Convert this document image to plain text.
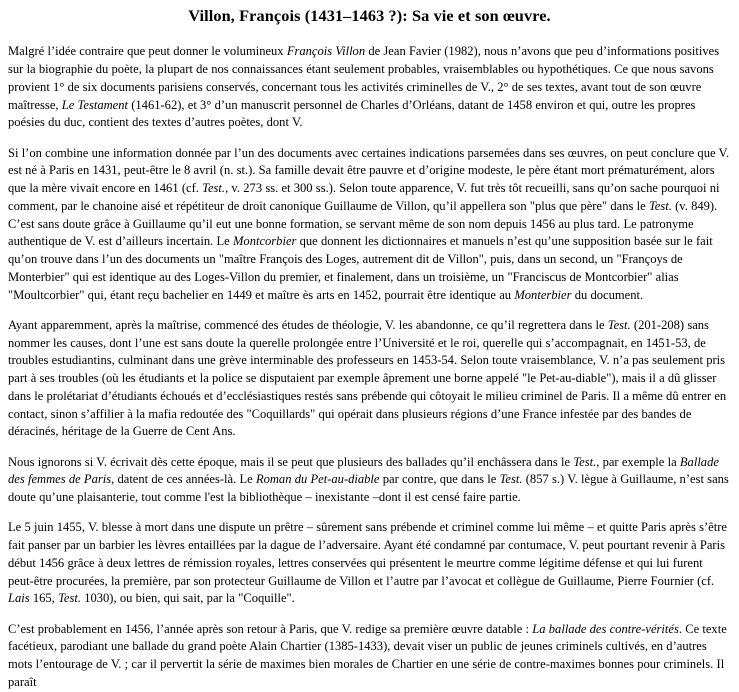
Villon, François (1431–1463 ?): Sa vie et son œuvre.

Malgré l’idée contraire que peut donner le volumineux François Villon de Jean Favier (1982), nous n’avons que peu d’informations positives sur la biographie du poète, la plupart de nos connaissances étant seulement probables, vraisemblables ou hypothétiques. Ce que nous savons provient 1° de six documents parisiens conservés, concernant tous les activités criminelles de V., 2° de ses textes, avant tout de son œuvre maîtresse, Le Testament (1461-62), et 3° d’un manuscrit personnel de Charles d’Orléans, datant de 1458 environ et qui, outre les propres poésies du duc, contient des textes d’autres poètes, dont V.

Si l’on combine une information donnée par l’un des documents avec certaines indications parsemées dans ses œuvres, on peut conclure que V. est né à Paris en 1431, peut-être le 8 avril (n. st.). Sa famille devait être pauvre et d’origine modeste, le père étant mort prématurément, alors que la mère vivait encore en 1461 (cf. Test., v. 273 ss. et 300 ss.). Selon toute apparence, V. fut très tôt recueilli, sans qu’on sache pourquoi ni comment, par le chanoine aisé et répétiteur de droit canonique Guillaume de Villon, qu’il appellera son "plus que père" dans le Test. (v. 849). C’est sans doute grâce à Guillaume qu’il eut une bonne formation, se servant même de son nom depuis 1456 au plus tard. Le patronyme authentique de V. est d’ailleurs incertain. Le Montcorbier que donnent les dictionnaires et manuels n’est qu’une supposition basée sur le fait qu’on trouve dans l’un des documents un "maître François des Loges, autrement dit de Villon", puis, dans un second, un "Françoys de Monterbier" qui est identique au des Loges-Villon du premier, et finalement, dans un troisième, un "Franciscus de Montcorbier" alias "Moultcorbier" qui, étant reçu bachelier en 1449 et maître ès arts en 1452, pourrait être identique au Monterbier du document.

Ayant apparemment, après la maîtrise, commencé des études de théologie, V. les abandonne, ce qu’il regrettera dans le Test. (201-208) sans nommer les causes, dont l’une est sans doute la querelle prolongée entre l’Université et le roi, querelle qui s’accompagnait, en 1451-53, de troubles estudiantins, culminant dans une grève interminable des professeurs en 1453-54. Selon toute vraisemblance, V. n’a pas seulement pris part à ses troubles (où les étudiants et la police se disputaient par exemple âprement une borne appelé "le Pet-au-diable"), mais il a dû glisser dans le prolétariat d’étudiants échoués et d’ecclésiastiques restés sans prébende qui côtoyait le milieu criminel de Paris. Il a même dû entrer en contact, sinon s’affilier à la mafia redoutée des "Coquillards" qui opérait dans plusieurs régions d’une France infestée par des bandes de déracinés, héritage de la Guerre de Cent Ans.

Nous ignorons si V. écrivait dès cette époque, mais il se peut que plusieurs des ballades qu’il enchâssera dans le Test., par exemple la Ballade des femmes de Paris, datent de ces années-là. Le Roman du Pet-au-diable par contre, que dans le Test. (857 s.) V. lègue à Guillaume, n’est sans doute qu’une plaisanterie, tout comme l'est la bibliothèque – inexistante –dont il est censé faire partie.

Le 5 juin 1455, V. blesse à mort dans une dispute un prêtre – sûrement sans prébende et criminel comme lui même – et quitte Paris après s’être fait panser par un barbier les lèvres entaillées par la dague de l’adversaire. Ayant été condamné par contumace, V. peut pourtant revenir à Paris début 1456 grâce à deux lettres de rémission royales, lettres conservées qui présentent le meurtre comme légitime défense et qui lui furent peut-être procurées, la première, par son protecteur Guillaume de Villon et l’autre par l’avocat et collègue de Guillaume, Pierre Fournier (cf. Lais 165, Test. 1030), ou bien, qui sait, par la "Coquille".

C’est probablement en 1456, l’année après son retour à Paris, que V. redige sa première œuvre datable : La ballade des contre-vérités. Ce texte facétieux, parodiant une ballade du grand poète Alain Chartier (1385-1433), devait viser un public de jeunes criminels cultivés, en d’autres mots l’entourage de V. ; car il pervertit la série de maximes bien morales de Chartier en une série de contre-maximes bonnes pour criminels. Il paraît
